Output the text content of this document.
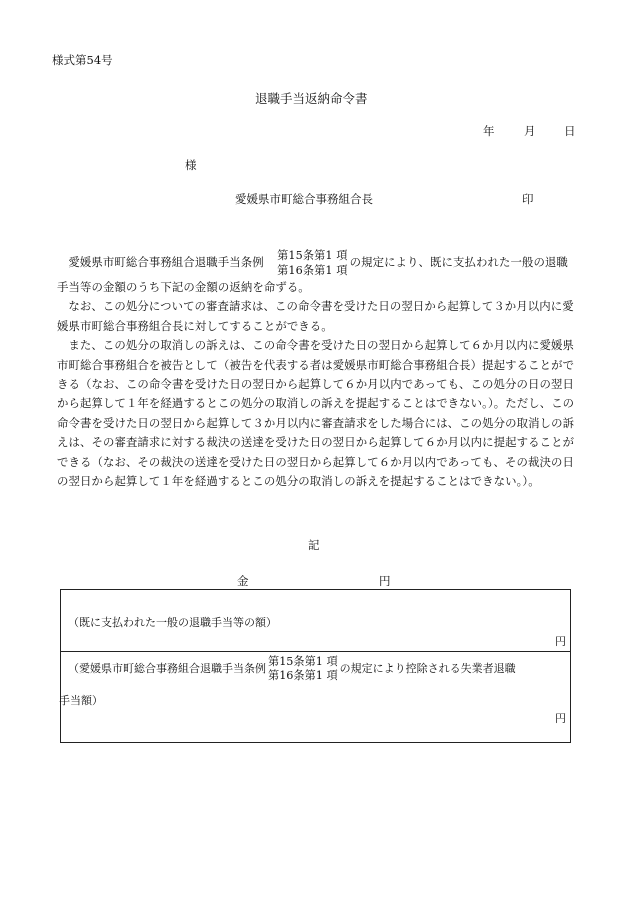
様式第54号
退職手当返納命令書
年	月 日
様
愛媛県市町総合事務組合長	印

愛媛県市町総合事務組合退職手当条例	第15条第1 項
第16条第1 項
の規定により、既に支払われた一般の退職

手当等の金額のうち下記の金額の返納を命ずる。

なお、この処分についての審査請求は、この命令書を受けた日の翌日から起算して３か月以内に愛媛県市町総合事務組合長に対してすることができる。

また、この処分の取消しの訴えは、この命令書を受けた日の翌日から起算して６か月以内に愛媛県市町総合事務組合を被告として（被告を代表する者は愛媛県市町総合事務組合長）提起することができる（なお、この命令書を受けた日の翌日から起算して６か月以内であっても、この処分の日の翌日から起算して１年を経過するとこの処分の取消しの訴えを提起することはできない。）。ただし、この命令書を受けた日の翌日から起算して３か月以内に審査請求をした場合には、この処分の取消しの訴えは、その審査請求に対する裁決の送達を受けた日の翌日から起算して６か月以内に提起することができる（なお、その裁決の送達を受けた日の翌日から起算して６か月以内であっても、その裁決の日の翌日から起算して１年を経過するとこの処分の取消しの訴えを提起することはできない。）。

記
金	円
（既に支払われた一般の退職手当等の額）
円
（愛媛県市町総合事務組合退職手当条例
第15条第1 項
第16条第1 項
の規定により控除される失業者退職
手当額）
円
